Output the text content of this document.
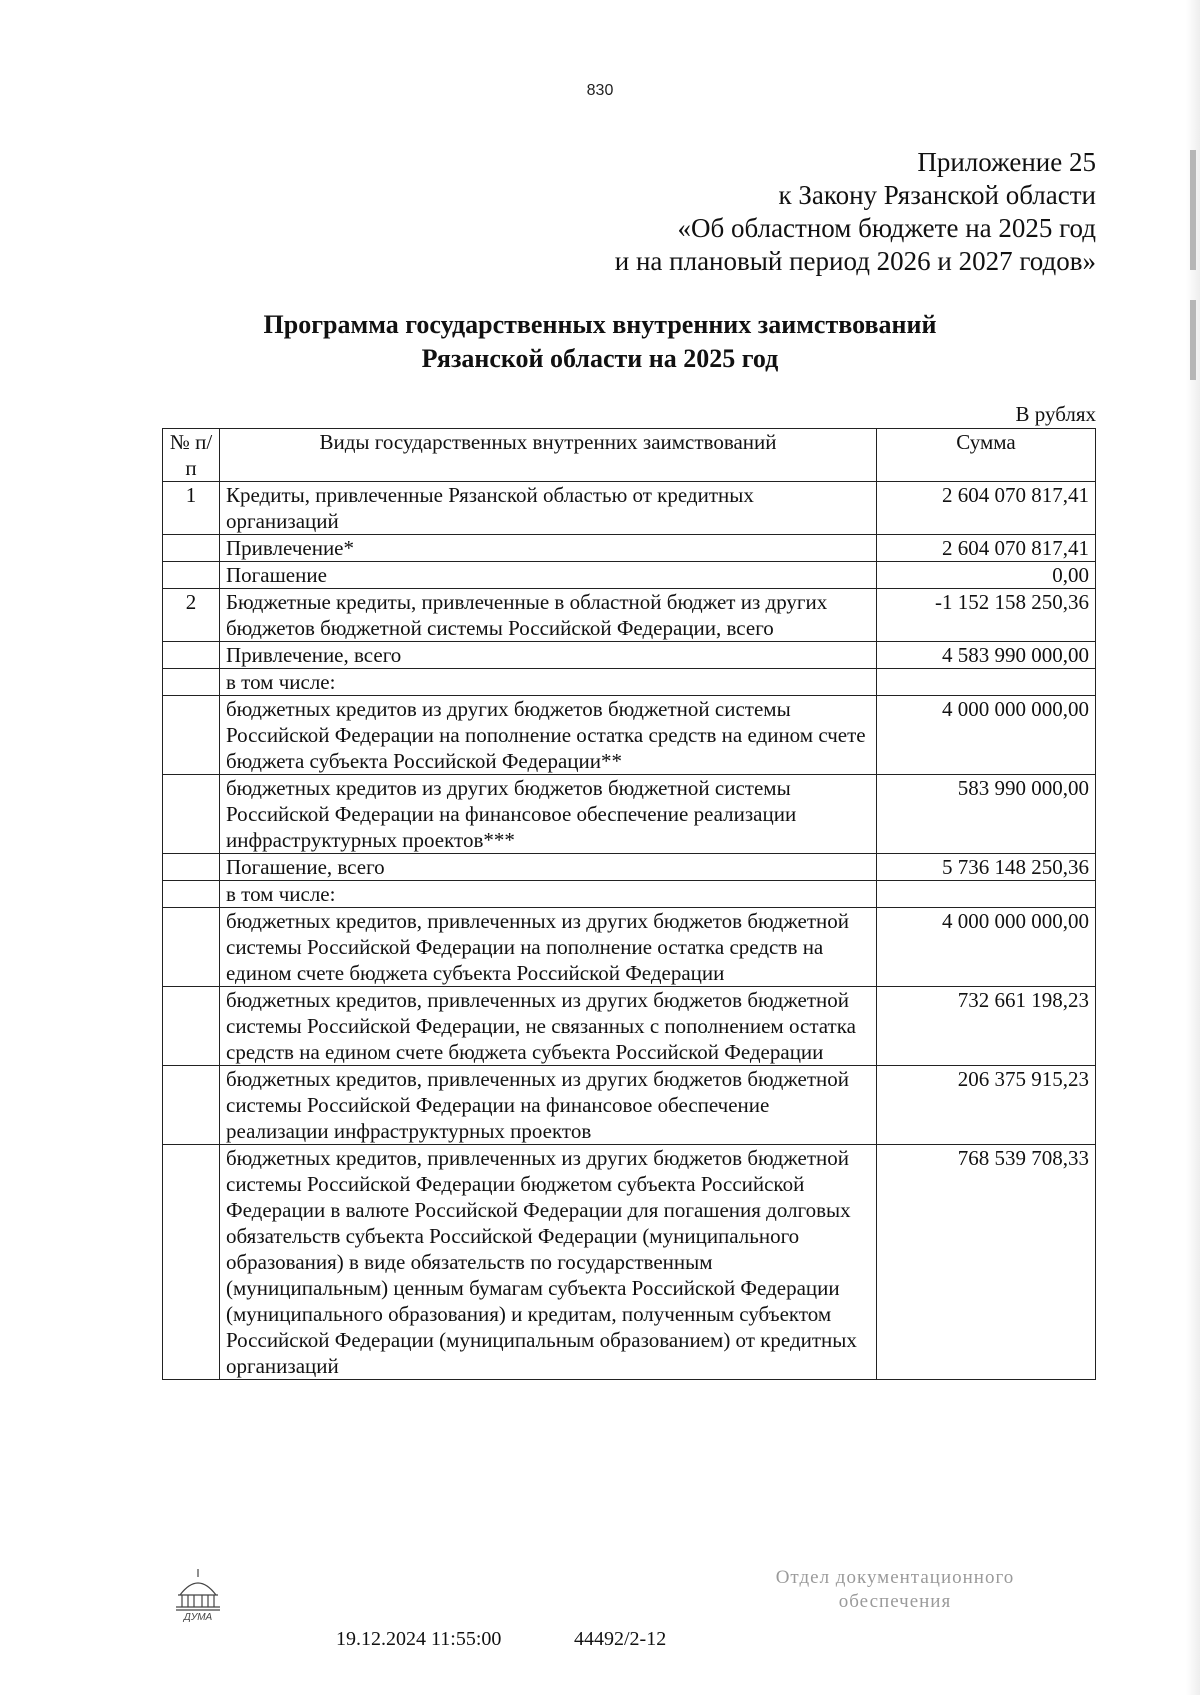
830
Приложение 25
к Закону Рязанской области
«Об областном бюджете на 2025 год
и на плановый период 2026 и 2027 годов»
Программа государственных внутренних заимствований
Рязанской области на 2025 год
В рублях
№ п/п	Виды государственных внутренних заимствований	Сумма
1	Кредиты, привлеченные Рязанской областью от кредитных организаций	2 604 070 817,41
	Привлечение*	2 604 070 817,41
	Погашение	0,00
2	Бюджетные кредиты, привлеченные в областной бюджет из других бюджетов бюджетной системы Российской Федерации, всего	-1 152 158 250,36
	Привлечение, всего	4 583 990 000,00
	в том числе:	
	бюджетных кредитов из других бюджетов бюджетной системы Российской Федерации на пополнение остатка средств на едином счете бюджета субъекта Российской Федерации**	4 000 000 000,00
	бюджетных кредитов из других бюджетов бюджетной системы Российской Федерации на финансовое обеспечение реализации инфраструктурных проектов***	583 990 000,00
	Погашение, всего	5 736 148 250,36
	в том числе:	
	бюджетных кредитов, привлеченных из других бюджетов бюджетной системы Российской Федерации на пополнение остатка средств на едином счете бюджета субъекта Российской Федерации	4 000 000 000,00
	бюджетных кредитов, привлеченных из других бюджетов бюджетной системы Российской Федерации, не связанных с пополнением остатка средств на едином счете бюджета субъекта Российской Федерации	732 661 198,23
	бюджетных кредитов, привлеченных из других бюджетов бюджетной системы Российской Федерации на финансовое обеспечение реализации инфраструктурных проектов	206 375 915,23
	бюджетных кредитов, привлеченных из других бюджетов бюджетной системы Российской Федерации бюджетом субъекта Российской Федерации в валюте Российской Федерации для погашения долговых обязательств субъекта Российской Федерации (муниципального образования) в виде обязательств по государственным (муниципальным) ценным бумагам субъекта Российской Федерации (муниципального образования) и кредитам, полученным субъектом Российской Федерации (муниципальным образованием) от кредитных организаций	768 539 708,33
ДУМА
19.12.2024 11:55:00	44492/2-12
Отдел документационного
обеспечения
